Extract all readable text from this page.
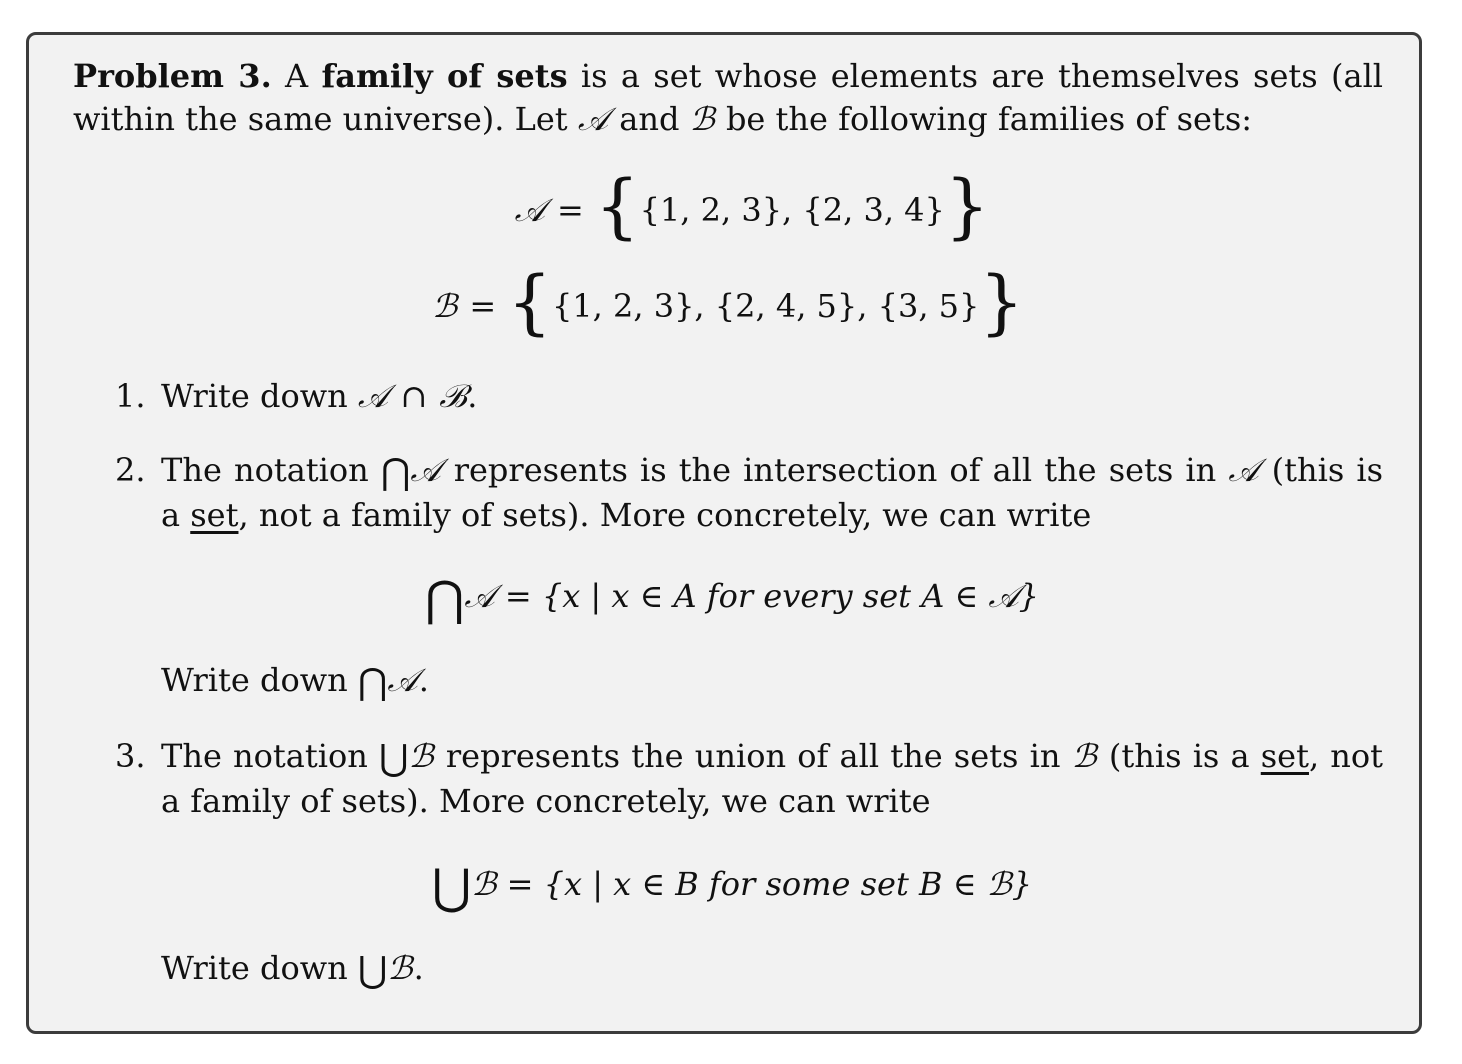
Problem 3. A family of sets is a set whose elements are themselves sets (all within the same universe). Let 𝒜 and ℬ be the following families of sets:
𝒜 = {{1, 2, 3}, {2, 3, 4}}
ℬ = {{1, 2, 3}, {2, 4, 5}, {3, 5}}
1. Write down 𝒜 ∩ ℬ.
2. The notation ⋂𝒜 represents is the intersection of all the sets in 𝒜 (this is a set, not a family of sets). More concretely, we can write
⋂𝒜 = {x | x ∈ A for every set A ∈ 𝒜}
Write down ⋂𝒜.
3. The notation ⋃ℬ represents the union of all the sets in ℬ (this is a set, not a family of sets). More concretely, we can write
⋃ℬ = {x | x ∈ B for some set B ∈ ℬ}
Write down ⋃ℬ.
